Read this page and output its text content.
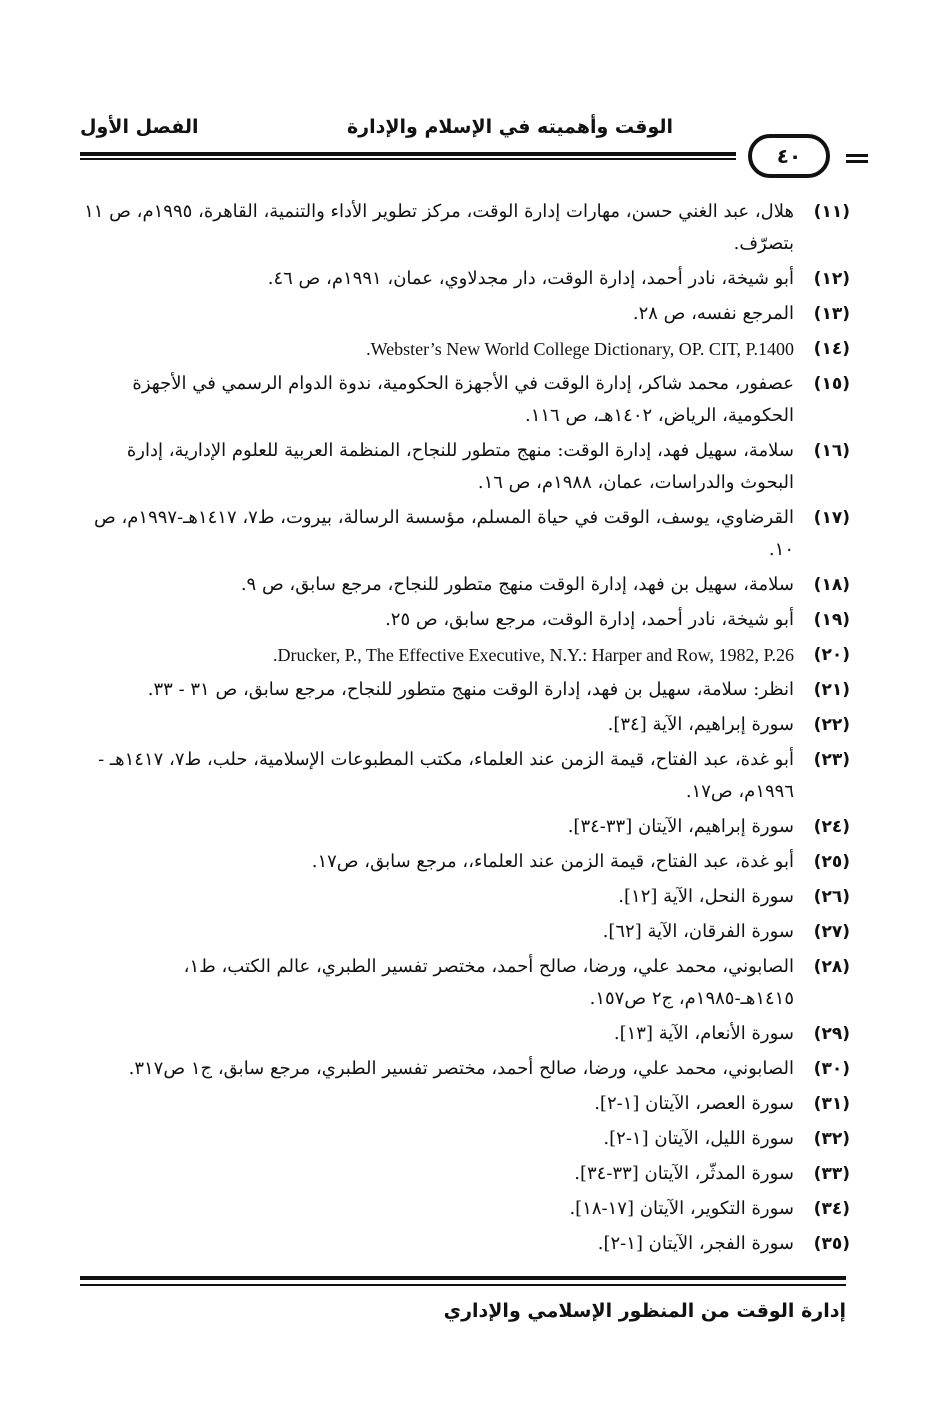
الفصل الأول	الوقت وأهميته في الإسلام والإدارة
٤٠
(١١)
هلال، عبد الغني حسن، مهارات إدارة الوقت، مركز تطوير الأداء والتنمية، القاهرة، ١٩٩٥م، ص ١١ بتصرّف.
(١٢)
أبو شيخة، نادر أحمد، إدارة الوقت، دار مجدلاوي، عمان، ١٩٩١م، ص ٤٦.
(١٣)
المرجع نفسه، ص ٢٨.
(١٤)
Webster’s New World College Dictionary, OP. CIT, P.1400.
(١٥)
عصفور، محمد شاكر، إدارة الوقت في الأجهزة الحكومية، ندوة الدوام الرسمي في الأجهزة الحكومية، الرياض، ١٤٠٢هـ، ص ١١٦.
(١٦)
سلامة، سهيل فهد، إدارة الوقت: منهج متطور للنجاح، المنظمة العربية للعلوم الإدارية، إدارة البحوث والدراسات، عمان، ١٩٨٨م، ص ١٦.
(١٧)
القرضاوي، يوسف، الوقت في حياة المسلم، مؤسسة الرسالة، بيروت، ط٧، ١٤١٧هـ-١٩٩٧م، ص ١٠.
(١٨)
سلامة، سهيل بن فهد، إدارة الوقت منهج متطور للنجاح، مرجع سابق، ص ٩.
(١٩)
أبو شيخة، نادر أحمد، إدارة الوقت، مرجع سابق، ص ٢٥.
(٢٠)
Drucker, P., The Effective Executive, N.Y.: Harper and Row, 1982, P.26.
(٢١)
انظر: سلامة، سهيل بن فهد، إدارة الوقت منهج متطور للنجاح، مرجع سابق، ص ٣١ - ٣٣.
(٢٢)
سورة إبراهيم، الآية [٣٤].
(٢٣)
أبو غدة، عبد الفتاح، قيمة الزمن عند العلماء، مكتب المطبوعات الإسلامية، حلب، ط٧، ١٤١٧هـ - ١٩٩٦م، ص١٧.
(٢٤)
سورة إبراهيم، الآيتان [٣٣-٣٤].
(٢٥)
أبو غدة، عبد الفتاح، قيمة الزمن عند العلماء،، مرجع سابق، ص١٧.
(٢٦)
سورة النحل، الآية [١٢].
(٢٧)
سورة الفرقان، الآية [٦٢].
(٢٨)
الصابوني، محمد علي، ورضا، صالح أحمد، مختصر تفسير الطبري، عالم الكتب، ط١، ١٤١٥هـ-١٩٨٥م، ج٢ ص١٥٧.
(٢٩)
سورة الأنعام، الآية [١٣].
(٣٠)
الصابوني، محمد علي، ورضا، صالح أحمد، مختصر تفسير الطبري، مرجع سابق، ج١ ص٣١٧.
(٣١)
سورة العصر، الآيتان [١-٢].
(٣٢)
سورة الليل، الآيتان [١-٢].
(٣٣)
سورة المدثّر، الآيتان [٣٣-٣٤].
(٣٤)
سورة التكوير، الآيتان [١٧-١٨].
(٣٥)
سورة الفجر، الآيتان [١-٢].
إدارة الوقت من المنظور الإسلامي والإداري
